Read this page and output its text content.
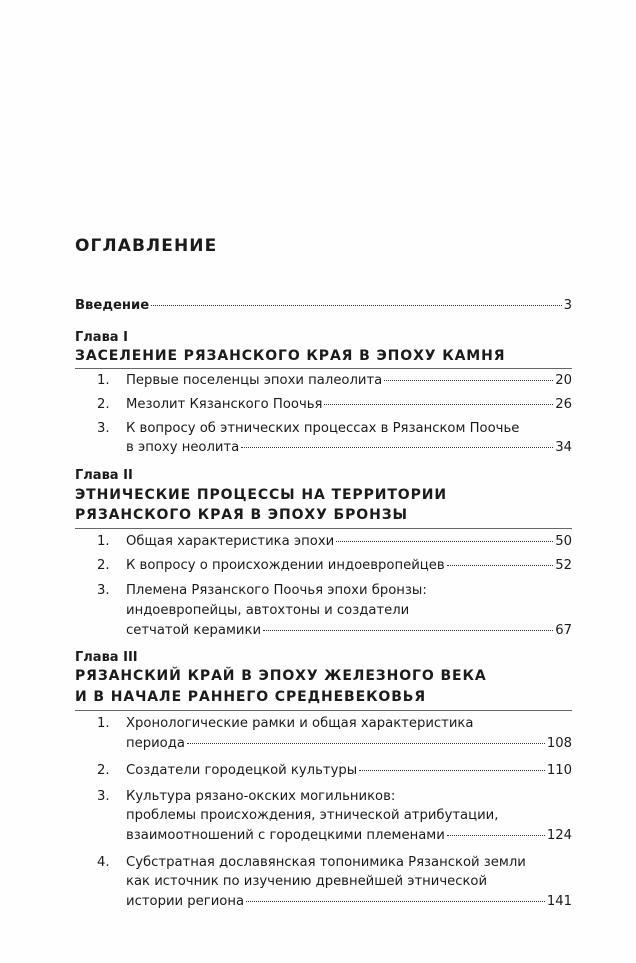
ОГЛАВЛЕНИЕ
Введение	3
Глава I
ЗАСЕЛЕНИЕ РЯЗАНСКОГО КРАЯ В ЭПОХУ КАМНЯ
1. Первые поселенцы эпохи палеолита	20
2. Мезолит Кязанского Поочья	26
3. К вопросу об этнических процессах в Рязанском Поочье
в эпоху неолита	34
Глава II
ЭТНИЧЕСКИЕ ПРОЦЕССЫ НА ТЕРРИТОРИИ
РЯЗАНСКОГО КРАЯ В ЭПОХУ БРОНЗЫ
1. Общая характеристика эпохи	50
2. К вопросу о происхождении индоевропейцев	52
3. Племена Рязанского Поочья эпохи бронзы:
индоевропейцы, автохтоны и создатели
сетчатой керамики	67
Глава III
РЯЗАНСКИЙ КРАЙ В ЭПОХУ ЖЕЛЕЗНОГО ВЕКА
И В НАЧАЛЕ РАННЕГО СРЕДНЕВЕКОВЬЯ
1. Хронологические рамки и общая характеристика
периода	108
2. Создатели городецкой культуры	110
3. Культура рязано-окских могильников:
проблемы происхождения, этнической атрибутации,
взаимоотношений с городецкими племенами	124
4. Субстратная дославянская топонимика Рязанской земли
как источник по изучению древнейшей этнической
истории региона	141
